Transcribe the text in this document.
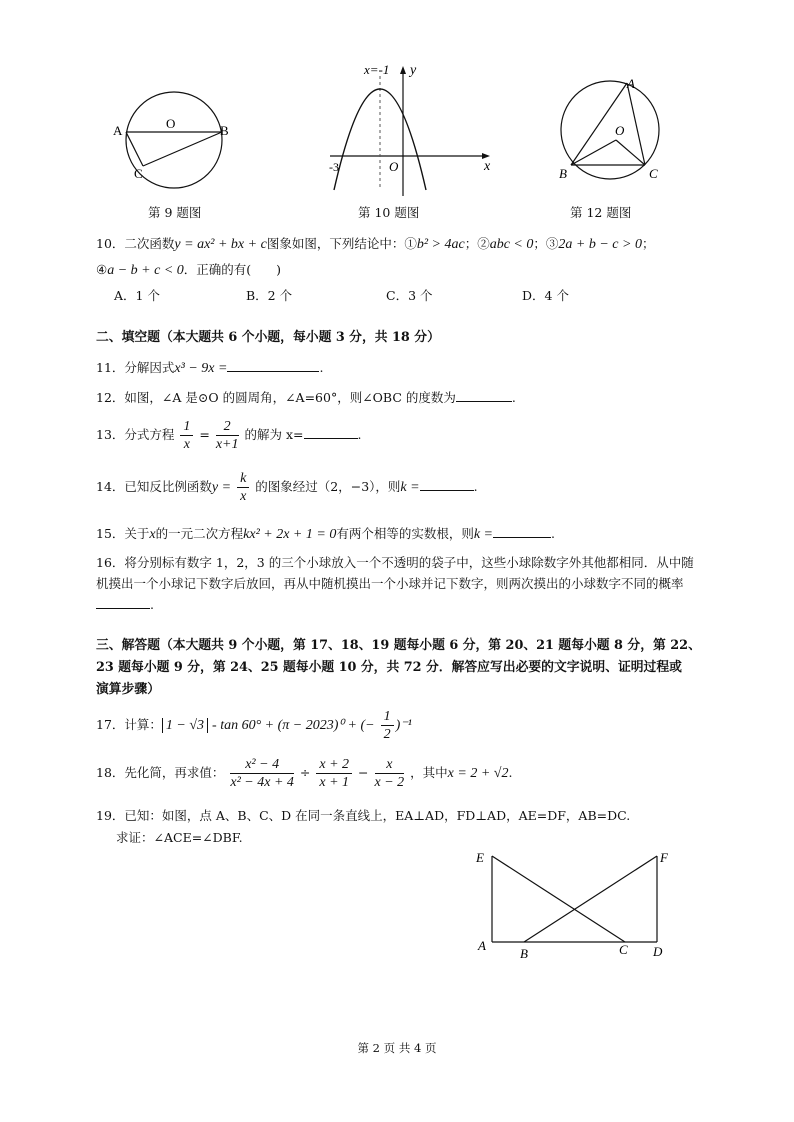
A	O	B
C
第 9 题图
x=-1 y
x
O
-3
第 10 题图
A
O
B	C
第 12 题图
10．二次函数y = ax² + bx + c图象如图，下列结论中：①b² > 4ac；②abc < 0；③2a + b − c > 0；
④a − b + c < 0．正确的有(　　)
A．1 个	B．2 个	C．3 个	D．4 个
二、填空题（本大题共 6 个小题，每小题 3 分，共 18 分）
11．分解因式x³ − 9x =	.
12．如图，∠A 是⊙O 的圆周角，∠A=60°，则∠OBC 的度数为	.
13．分式方程 $\frac{1}{x} = \frac{2}{x+1}$ 的解为 x=	.
14．已知反比例函数$y = \frac{k}{x}$ 的图象经过（2，−3），则k =	.
15．关于x的一元二次方程kx² + 2x + 1 = 0有两个相等的实数根，则k =	.
16．将分别标有数字 1，2，3 的三个小球放入一个不透明的袋子中，这些小球除数字外其他都相同．从中随机摸出一个小球记下数字后放回，再从中随机摸出一个小球并记下数字，则两次摸出的小球数字不同的概率.
三、解答题（本大题共 9 个小题，第 17、18、19 题每小题 6 分，第 20、21 题每小题 8 分，第 22、
23 题每小题 9 分，第 24、25 题每小题 10 分，共 72 分．解答应写出必要的文字说明、证明过程或
演算步骤）
17．计算： 1 − √3 - tan 60° + (π − 2023)⁰ + (− $\frac{1}{2} )^{-1}$
18．先化简，再求值： $\frac{\text{x² − 4}}{\text{x² − 4x + 4}} \div \frac{x + 2}{x + 1} - \frac{x}{x - 2}$ ，其中x = 2 + √2.
19．已知：如图，点 A、B、C、D 在同一条直线上，EA⊥AD，FD⊥AD，AE=DF，AB=DC.
求证：∠ACE=∠DBF.
E	F
A
B	C D
第 2 页 共 4 页
